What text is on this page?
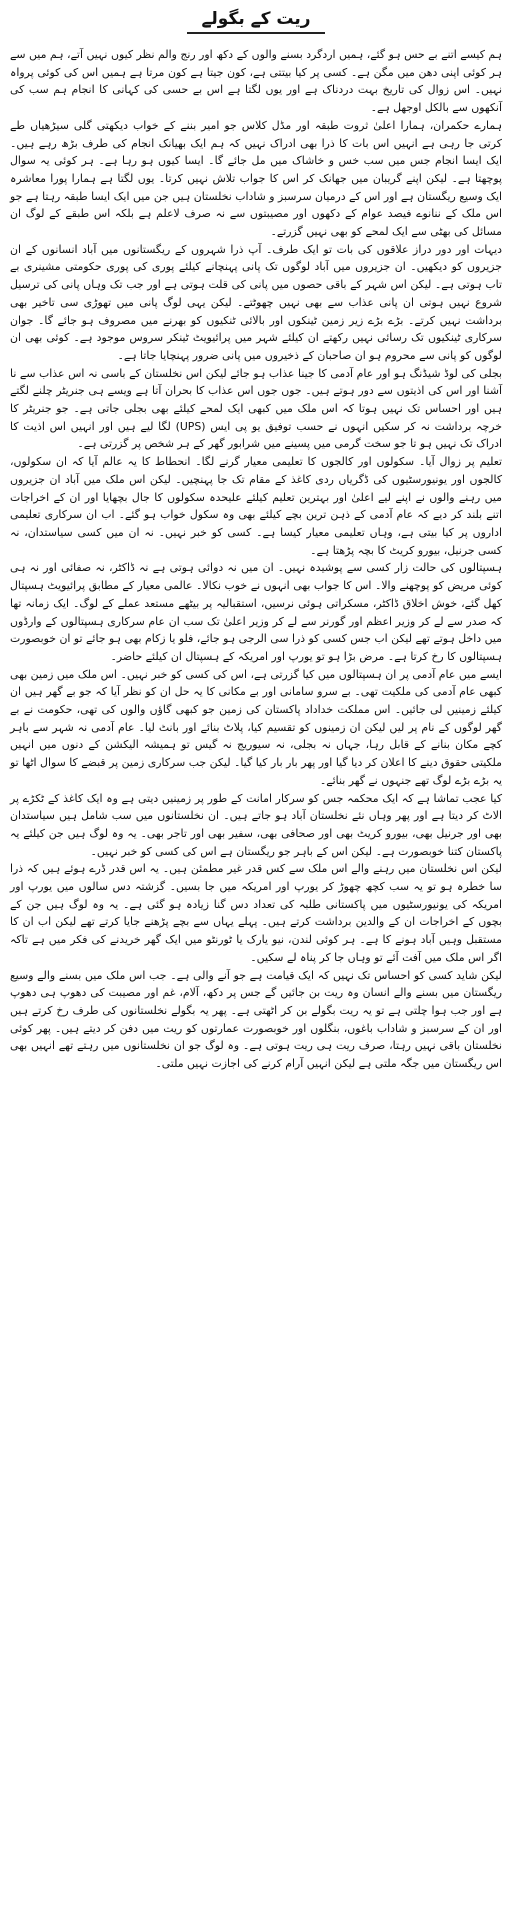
ریت کے بگولے

ہم کیسے اتنے بے حس ہو گئے، ہمیں اردگرد بسنے والوں کے دکھ اور رنج والم نظر کیوں نہیں آتے، ہم میں سے ہر کوئی اپنی دھن میں مگن ہے۔ کسی پر کیا بیتتی ہے، کون جیتا ہے کون مرتا ہے ہمیں اس کی کوئی پرواہ نہیں۔ اس زوال کی تاریخ بہت دردناک ہے اور یوں لگتا ہے اس بے حسی کی کہانی کا انجام ہم سب کی آنکھوں سے بالکل اوجھل ہے۔

ہمارے حکمران، ہمارا اعلیٰ ثروت طبقہ اور مڈل کلاس جو امیر بننے کے خواب دیکھتی گلی سیڑھیاں طے کرتی جا رہی ہے انہیں اس بات کا ذرا بھی ادراک نہیں کہ ہم ایک بھیانک انجام کی طرف بڑھ رہے ہیں۔ ایک ایسا انجام جس میں سب خس و خاشاک میں مل جائے گا۔ ایسا کیوں ہو رہا ہے۔ ہر کوئی یہ سوال پوچھتا ہے۔ لیکن اپنے گریبان میں جھانک کر اس کا جواب تلاش نہیں کرتا۔ یوں لگتا ہے ہمارا پورا معاشرہ ایک وسیع ریگستان ہے اور اس کے درمیان سرسبز و شاداب نخلستان ہیں جن میں ایک ایسا طبقہ رہتا ہے جو اس ملک کے ننانوے فیصد عوام کے دکھوں اور مصیبتوں سے نہ صرف لاعلم ہے بلکہ اس طبقے کے لوگ ان مسائل کی بھٹی سے ایک لمحے کو بھی نہیں گزرتے۔

دیہات اور دور دراز علاقوں کی بات تو ایک طرف۔ آپ ذرا شہروں کے ریگستانوں میں آباد انسانوں کے ان جزیروں کو دیکھیں۔ ان جزیروں میں آباد لوگوں تک پانی پہنچانے کیلئے پوری کی پوری حکومتی مشینری بے تاب ہوتی ہے۔ لیکن اس شہر کے باقی حصوں میں پانی کی قلت ہوتی ہے اور جب تک وہاں پانی کی ترسیل شروع نہیں ہوتی ان پانی عذاب سے بھی نہیں چھوٹتے۔ لیکن یہی لوگ پانی میں تھوڑی سی تاخیر بھی برداشت نہیں کرتے۔ بڑے بڑے زیر زمین ٹینکوں اور بالائی ٹنکیوں کو بھرنے میں مصروف ہو جائے گا۔ جوان سرکاری ٹینکیوں تک رسائی نہیں رکھتے ان کیلئے شہر میں پرائیویٹ ٹینکر سروس موجود ہے۔ کوئی بھی ان لوگوں کو پانی سے محروم ہو ان صاحبان کے ذخیروں میں پانی ضرور پہنچایا جاتا ہے۔

بجلی کی لوڈ شیڈنگ ہو اور عام آدمی کا جینا عذاب ہو جائے لیکن اس نخلستان کے باسی نہ اس عذاب سے نا آشنا اور اس کی اذیتوں سے دور ہوتے ہیں۔ جوں جوں اس عذاب کا بحران آتا ہے ویسے ہی جنریٹر چلنے لگتے ہیں اور احساس تک نہیں ہوتا کہ اس ملک میں کبھی ایک لمحے کیلئے بھی بجلی جاتی ہے۔ جو جنریٹر کا خرچہ برداشت نہ کر سکیں انہوں نے حسب توفیق یو پی ایس (UPS) لگا لیے ہیں اور انہیں اس اذیت کا ادراک تک نہیں ہو تا جو سخت گرمی میں پسینے میں شرابور گھر کے ہر شخص پر گزرتی ہے۔

تعلیم پر زوال آیا۔ سکولوں اور کالجوں کا تعلیمی معیار گرنے لگا۔ انحطاط کا یہ عالم آیا کہ ان سکولوں، کالجوں اور یونیورسٹیوں کی ڈگریاں ردی کاغذ کے مقام تک جا پہنچیں۔ لیکن اس ملک میں آباد ان جزیروں میں رہنے والوں نے اپنے لیے اعلیٰ اور بہترین تعلیم کیلئے علیحدہ سکولوں کا جال بچھایا اور ان کے اخراجات اتنے بلند کر دیے کہ عام آدمی کے ذہن ترین بچے کیلئے بھی وہ سکول خواب ہو گئے۔ اب ان سرکاری تعلیمی اداروں پر کیا بیتی ہے، وہاں تعلیمی معیار کیسا ہے۔ کسی کو خبر نہیں۔ نہ ان میں کسی سیاستدان، نہ کسی جرنیل، بیورو کریٹ کا بچہ پڑھتا ہے۔

ہسپتالوں کی حالت زار کسی سے پوشیدہ نہیں۔ ان میں نہ دوائی ہوتی ہے نہ ڈاکٹر، نہ صفائی اور نہ ہی کوئی مریض کو پوچھنے والا۔ اس کا جواب بھی انہوں نے خوب نکالا۔ عالمی معیار کے مطابق پرائیویٹ ہسپتال کھل گئے، خوش اخلاق ڈاکٹر، مسکراتی ہوئی نرسیں، استقبالیہ پر بیٹھے مستعد عملے کے لوگ۔ ایک زمانہ تھا کہ صدر سے لے کر وزیر اعظم اور گورنر سے لے کر وزیر اعلیٰ تک سب ان عام سرکاری ہسپتالوں کے وارڈوں میں داخل ہوتے تھے لیکن اب جس کسی کو ذرا سی الرجی ہو جائے، فلو یا زکام بھی ہو جائے تو ان خوبصورت ہسپتالوں کا رخ کرتا ہے۔ مرض بڑا ہو تو یورپ اور امریکہ کے ہسپتال ان کیلئے حاضر۔

ایسے میں عام آدمی پر ان ہسپتالوں میں کیا گزرتی ہے، اس کی کسی کو خبر نہیں۔ اس ملک میں زمین بھی کبھی عام آدمی کی ملکیت تھی۔ بے سرو سامانی اور بے مکانی کا یہ حل ان کو نظر آیا کہ جو بے گھر ہیں ان کیلئے زمینیں لی جائیں۔ اس مملکت خداداد پاکستان کی زمین جو کبھی گاؤں والوں کی تھی، حکومت نے بے گھر لوگوں کے نام پر لیں لیکن ان زمینوں کو تقسیم کیا، پلاٹ بنائے اور بانٹ لیا۔ عام آدمی نہ شہر سے باہر کچے مکان بنانے کے قابل رہا، جہاں نہ بجلی، نہ سیوریج نہ گیس تو ہمیشہ الیکشن کے دنوں میں انہیں ملکیتی حقوق دینے کا اعلان کر دیا گیا اور پھر بار بار کیا گیا۔ لیکن جب سرکاری زمین پر قبضے کا سوال اٹھا تو یہ بڑے بڑے لوگ تھے جنہوں نے گھر بنائے۔

کیا عجب تماشا ہے کہ ایک محکمہ جس کو سرکار امانت کے طور پر زمینیں دیتی ہے وہ ایک کاغذ کے ٹکڑے پر الاٹ کر دیتا ہے اور پھر وہاں نئے نخلستان آباد ہو جاتے ہیں۔ ان نخلستانوں میں سب شامل ہیں سیاستدان بھی اور جرنیل بھی، بیورو کریٹ بھی اور صحافی بھی، سفیر بھی اور تاجر بھی۔ یہ وہ لوگ ہیں جن کیلئے یہ پاکستان کتنا خوبصورت ہے۔ لیکن اس کے باہر جو ریگستان ہے اس کی کسی کو خبر نہیں۔

لیکن اس نخلستان میں رہنے والے اس ملک سے کس قدر غیر مطمئن ہیں۔ یہ اس قدر ڈرے ہوئے ہیں کہ ذرا سا خطرہ ہو تو یہ سب کچھ چھوڑ کر یورپ اور امریکہ میں جا بسیں۔ گزشتہ دس سالوں میں یورپ اور امریکہ کی یونیورسٹیوں میں پاکستانی طلبہ کی تعداد دس گنا زیادہ ہو گئی ہے۔ یہ وہ لوگ ہیں جن کے بچوں کے اخراجات ان کے والدین برداشت کرتے ہیں۔ پہلے یہاں سے بچے پڑھنے جایا کرتے تھے لیکن اب ان کا مستقبل وہیں آباد ہونے کا ہے۔ ہر کوئی لندن، نیو یارک یا ٹورنٹو میں ایک گھر خریدنے کی فکر میں ہے تاکہ اگر اس ملک میں آفت آئے تو وہاں جا کر پناہ لے سکیں۔

لیکن شاید کسی کو احساس تک نہیں کہ ایک قیامت ہے جو آنے والی ہے۔ جب اس ملک میں بسنے والے وسیع ریگستان میں بسنے والے انسان وہ ریت بن جائیں گے جس پر دکھ، آلام، غم اور مصیبت کی دھوپ ہی دھوپ ہے اور جب ہوا چلتی ہے تو یہ ریت بگولے بن کر اٹھتی ہے۔ پھر یہ بگولے نخلستانوں کی طرف رخ کرتے ہیں اور ان کے سرسبز و شاداب باغوں، بنگلوں اور خوبصورت عمارتوں کو ریت میں دفن کر دیتے ہیں۔ پھر کوئی نخلستان باقی نہیں رہتا، صرف ریت ہی ریت ہوتی ہے۔ وہ لوگ جو ان نخلستانوں میں رہتے تھے انہیں بھی اس ریگستان میں جگہ ملتی ہے لیکن انہیں آرام کرنے کی اجازت نہیں ملتی۔
